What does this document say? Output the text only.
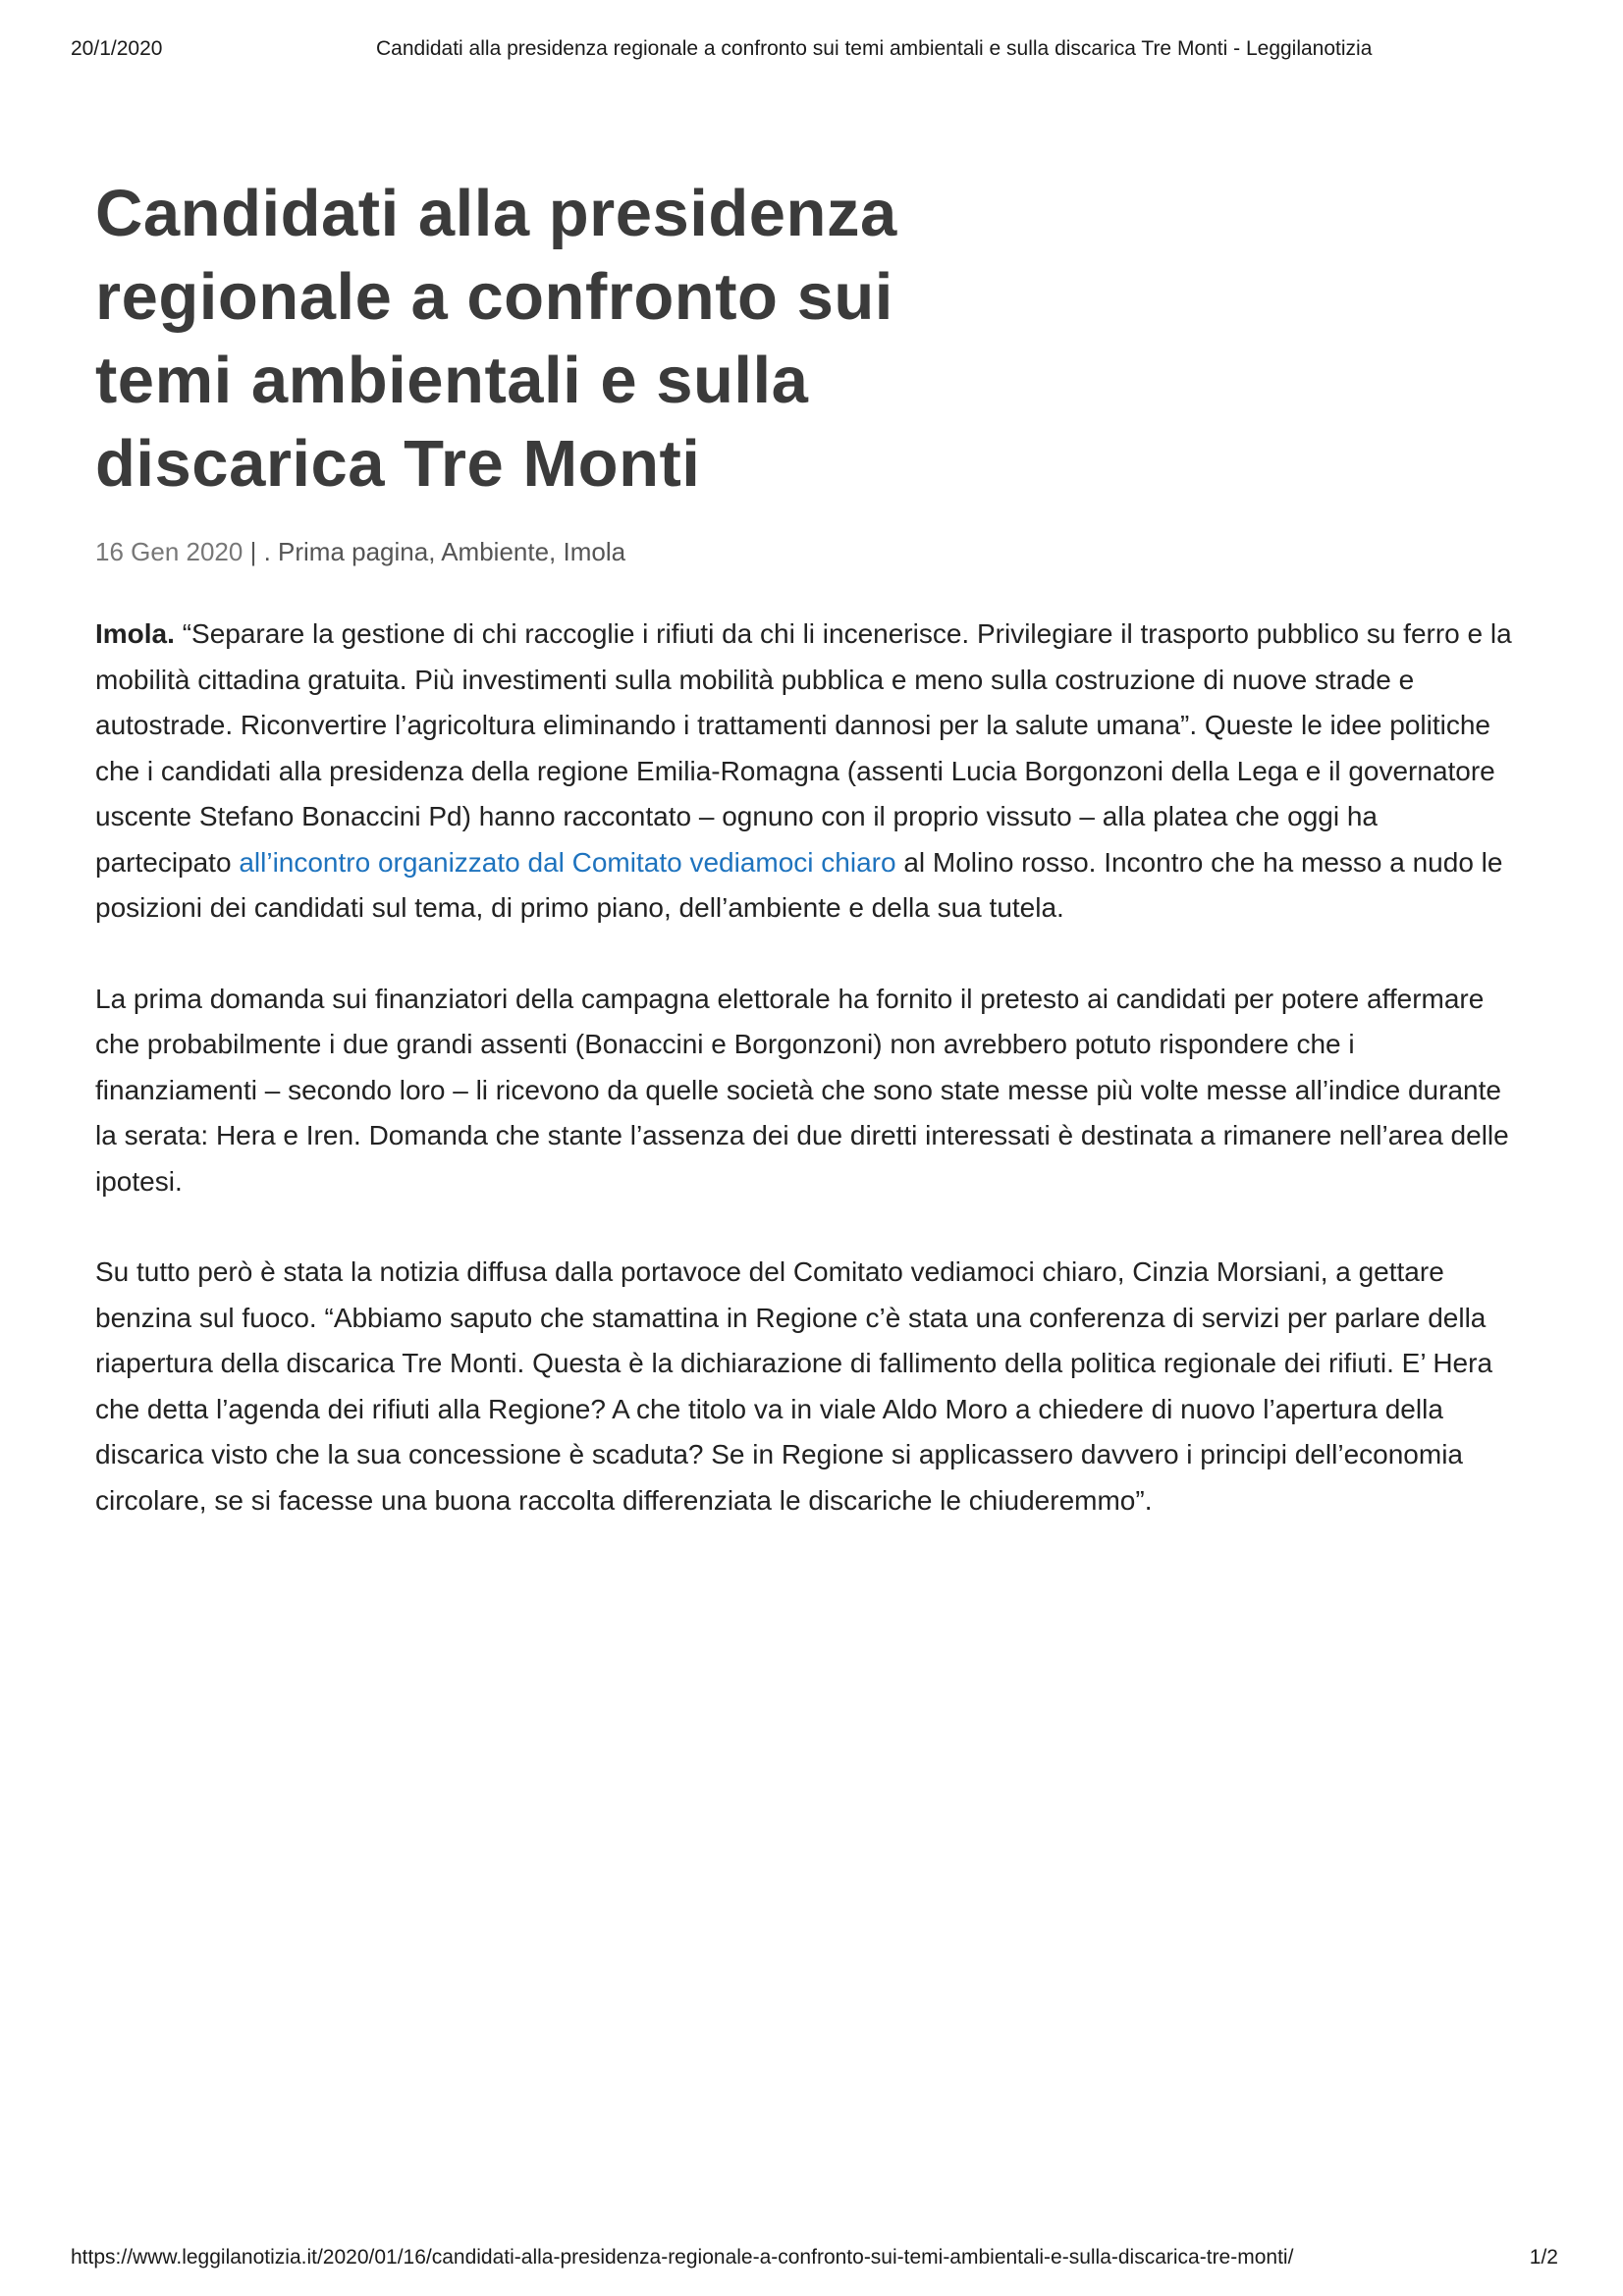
20/1/2020	Candidati alla presidenza regionale a confronto sui temi ambientali e sulla discarica Tre Monti - Leggilanotizia
Candidati alla presidenza regionale a confronto sui temi ambientali e sulla discarica Tre Monti
16 Gen 2020 | . Prima pagina, Ambiente, Imola

Imola. “Separare la gestione di chi raccoglie i rifiuti da chi li incenerisce. Privilegiare il trasporto pubblico su ferro e la mobilità cittadina gratuita. Più investimenti sulla mobilità pubblica e meno sulla costruzione di nuove strade e autostrade. Riconvertire l’agricoltura eliminando i trattamenti dannosi per la salute umana”. Queste le idee politiche che i candidati alla presidenza della regione Emilia-Romagna (assenti Lucia Borgonzoni della Lega e il governatore uscente Stefano Bonaccini Pd) hanno raccontato – ognuno con il proprio vissuto – alla platea che oggi ha partecipato all’incontro organizzato dal Comitato vediamoci chiaro al Molino rosso. Incontro che ha messo a nudo le posizioni dei candidati sul tema, di primo piano, dell’ambiente e della sua tutela.

La prima domanda sui finanziatori della campagna elettorale ha fornito il pretesto ai candidati per potere affermare che probabilmente i due grandi assenti (Bonaccini e Borgonzoni) non avrebbero potuto rispondere che i finanziamenti – secondo loro – li ricevono da quelle società che sono state messe più volte messe all’indice durante la serata: Hera e Iren. Domanda che stante l’assenza dei due diretti interessati è destinata a rimanere nell’area delle ipotesi.

Su tutto però è stata la notizia diffusa dalla portavoce del Comitato vediamoci chiaro, Cinzia Morsiani, a gettare benzina sul fuoco. “Abbiamo saputo che stamattina in Regione c’è stata una conferenza di servizi per parlare della riapertura della discarica Tre Monti. Questa è la dichiarazione di fallimento della politica regionale dei rifiuti. E’ Hera che detta l’agenda dei rifiuti alla Regione? A che titolo va in viale Aldo Moro a chiedere di nuovo l’apertura della discarica visto che la sua concessione è scaduta? Se in Regione si applicassero davvero i principi dell’economia circolare, se si facesse una buona raccolta differenziata le discariche le chiuderemmo”.

https://www.leggilanotizia.it/2020/01/16/candidati-alla-presidenza-regionale-a-confronto-sui-temi-ambientali-e-sulla-discarica-tre-monti/	1/2
